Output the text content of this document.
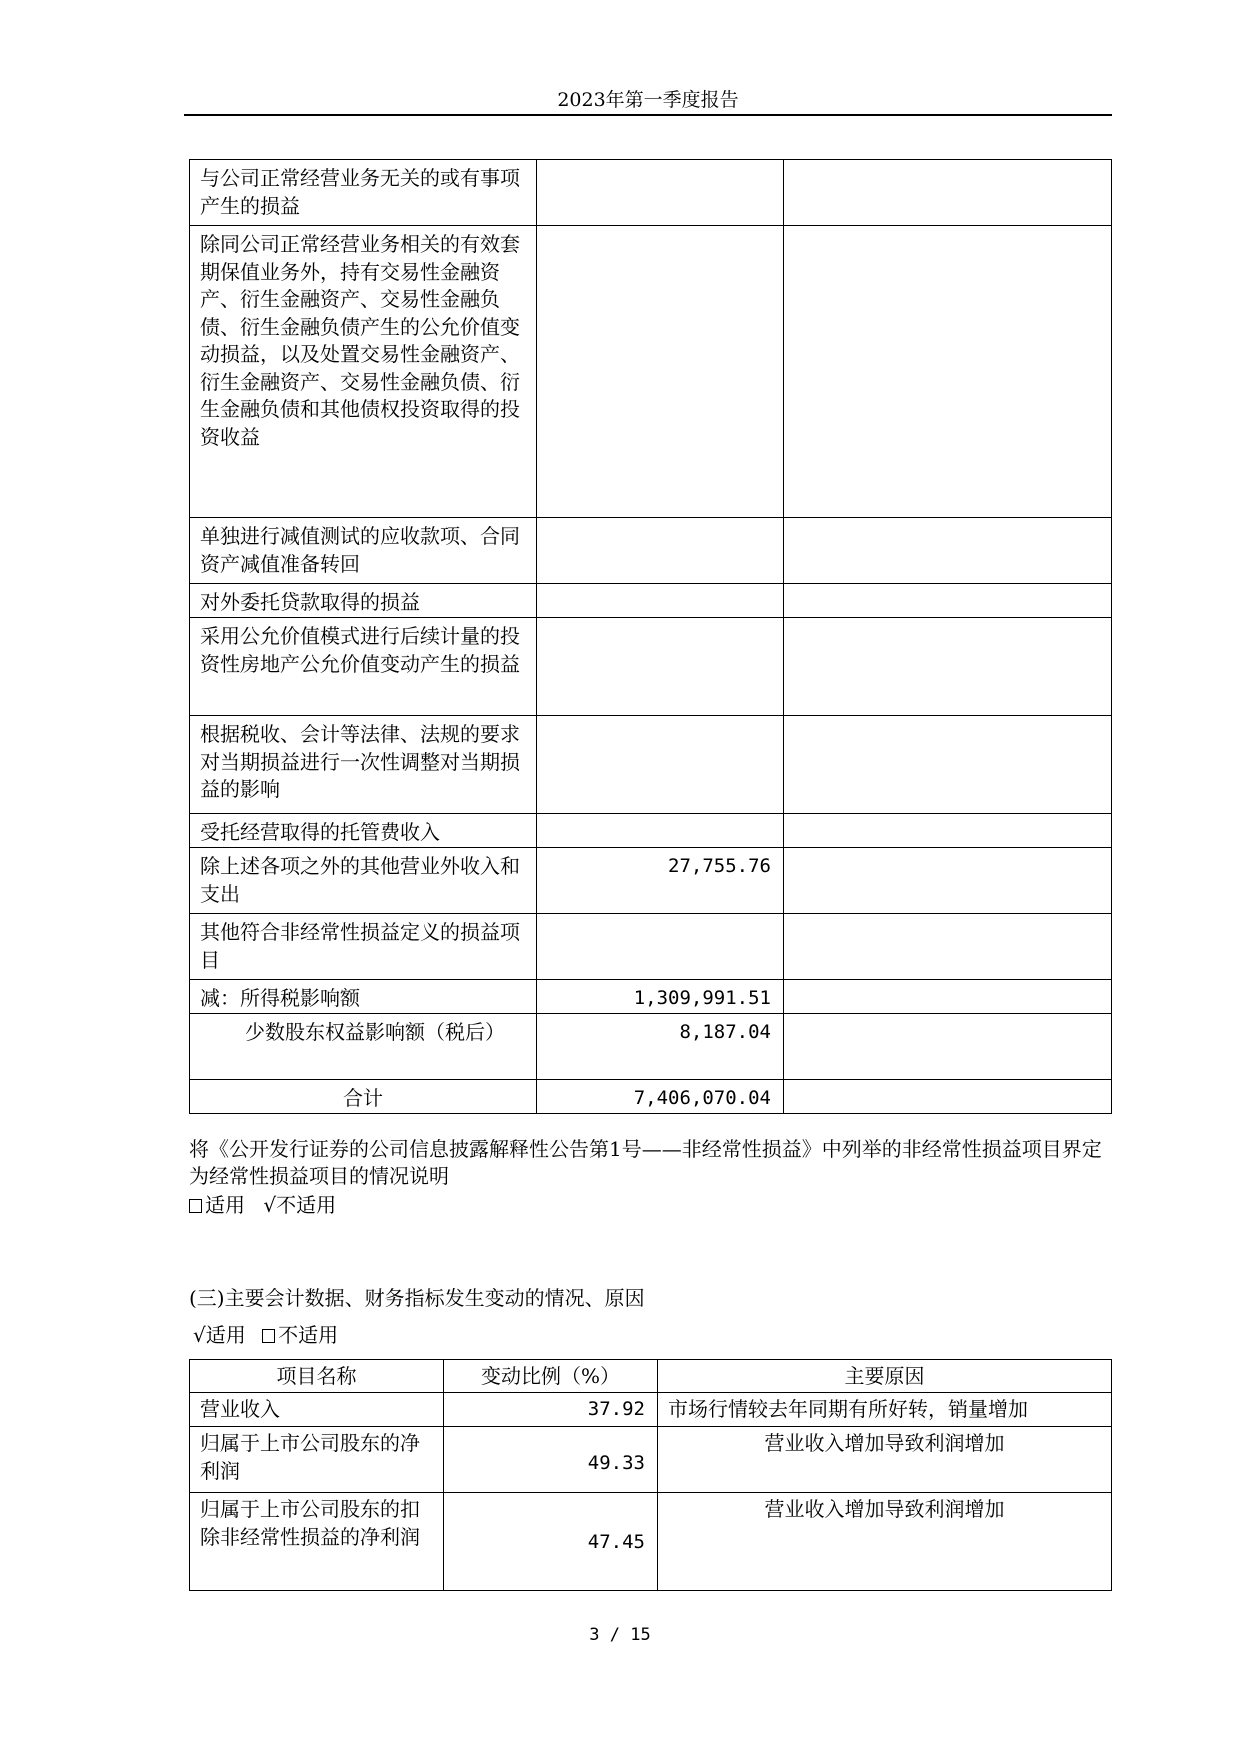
2023年第一季度报告
与公司正常经营业务无关的或有事项产生的损益		
除同公司正常经营业务相关的有效套期保值业务外，持有交易性金融资产、衍生金融资产、交易性金融负债、衍生金融负债产生的公允价值变动损益，以及处置交易性金融资产、衍生金融资产、交易性金融负债、衍生金融负债和其他债权投资取得的投资收益		
单独进行减值测试的应收款项、合同资产减值准备转回		
对外委托贷款取得的损益		
采用公允价值模式进行后续计量的投资性房地产公允价值变动产生的损益		
根据税收、会计等法律、法规的要求对当期损益进行一次性调整对当期损益的影响		
受托经营取得的托管费收入		
除上述各项之外的其他营业外收入和支出	27,755.76	
其他符合非经常性损益定义的损益项目		
减：所得税影响额	1,309,991.51	
少数股东权益影响额（税后）	8,187.04	
合计	7,406,070.04	
将《公开发行证券的公司信息披露解释性公告第1号——非经常性损益》中列举的非经常性损益项目界定为经常性损益项目的情况说明
适用 √不适用
(三)主要会计数据、财务指标发生变动的情况、原因
√适用 不适用
项目名称	变动比例（%）	主要原因
营业收入	37.92	市场行情较去年同期有所好转，销量增加
归属于上市公司股东的净利润	49.33	营业收入增加导致利润增加
归属于上市公司股东的扣除非经常性损益的净利润	47.45	营业收入增加导致利润增加
3 / 15
